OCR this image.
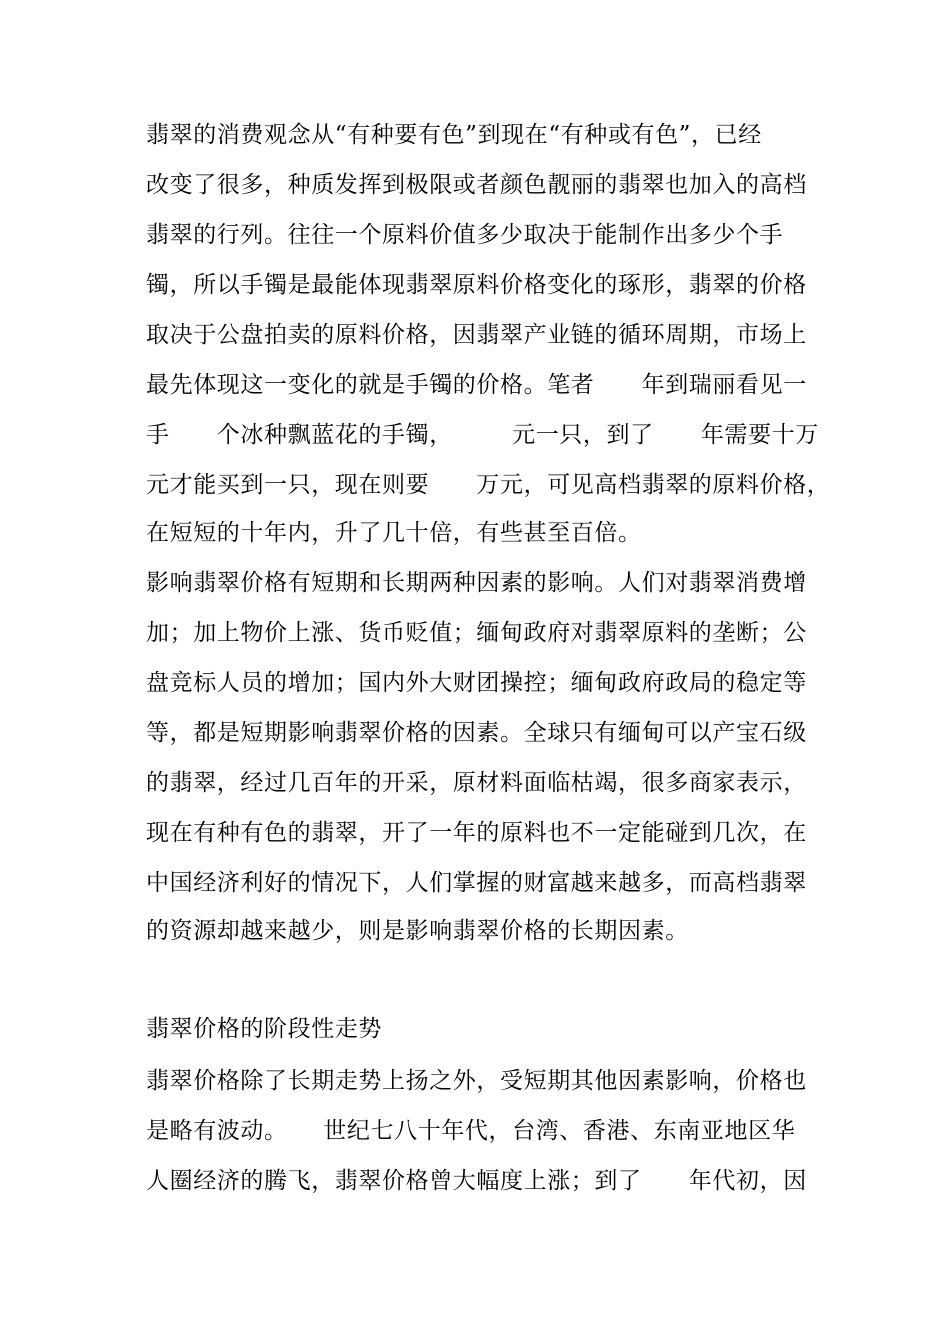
翡翠的消费观念从“有种要有色”到现在“有种或有色”，已经
改变了很多，种质发挥到极限或者颜色靓丽的翡翠也加入的高档
翡翠的行列。往往一个原料价值多少取决于能制作出多少个手
镯，所以手镯是最能体现翡翠原料价格变化的琢形，翡翠的价格
取决于公盘拍卖的原料价格，因翡翠产业链的循环周期，市场上
最先体现这一变化的就是手镯的价格。笔者　　年到瑞丽看见一
手　　个冰种飘蓝花的手镯，　　　元一只，到了　　年需要十万
元才能买到一只，现在则要　　万元，可见高档翡翠的原料价格，
在短短的十年内，升了几十倍，有些甚至百倍。
影响翡翠价格有短期和长期两种因素的影响。人们对翡翠消费增
加；加上物价上涨、货币贬值；缅甸政府对翡翠原料的垄断；公
盘竞标人员的增加；国内外大财团操控；缅甸政府政局的稳定等
等，都是短期影响翡翠价格的因素。全球只有缅甸可以产宝石级
的翡翠，经过几百年的开采，原材料面临枯竭，很多商家表示，
现在有种有色的翡翠，开了一年的原料也不一定能碰到几次，在
中国经济利好的情况下，人们掌握的财富越来越多，而高档翡翠
的资源却越来越少，则是影响翡翠价格的长期因素。
翡翠价格的阶段性走势
翡翠价格除了长期走势上扬之外，受短期其他因素影响，价格也
是略有波动。　　世纪七八十年代，台湾、香港、东南亚地区华
人圈经济的腾飞，翡翠价格曾大幅度上涨；到了　　年代初，因
